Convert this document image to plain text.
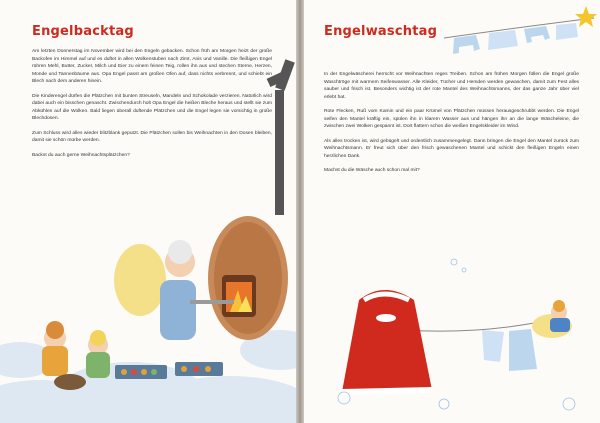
Engelbacktag

Am letzten Donnerstag im November wird bei den Engeln gebacken. Schon früh am Morgen heizt der große Backofen im Himmel auf und es duftet in allen Wolkenstuben nach Zimt, Anis und Vanille. Die fleißigen Engel rühren Mehl, Butter, Zucker, Milch und Eier zu einem feinen Teig, rollen ihn aus und stechen Sterne, Herzen, Monde und Tannenbäume aus. Opa Engel passt am großen Ofen auf, dass nichts verbrennt, und schiebt ein Blech nach dem anderen hinein.

Die Kinderengel dürfen die Plätzchen mit bunten Streuseln, Mandeln und Schokolade verzieren. Natürlich wird dabei auch ein bisschen genascht. Zwischendurch holt Opa Engel die heißen Bleche heraus und stellt sie zum Abkühlen auf die Wolken. Bald liegen überall duftende Plätzchen und die Engel legen sie vorsichtig in große Blechdosen.

Zum Schluss wird alles wieder blitzblank geputzt. Die Plätzchen sollen bis Weihnachten in den Dosen bleiben, damit sie schön mürbe werden.

Backst du auch gerne Weihnachtsplätzchen?

Engelwaschtag

In der Engelwäscherei herrscht vor Weihnachten reges Treiben. Schon am frühen Morgen füllen die Engel große Waschtröge mit warmem Seifenwasser. Alle Kleider, Tücher und Hemden werden gewaschen, damit zum Fest alles sauber und frisch ist. Besonders wichtig ist der rote Mantel des Weihnachtsmanns, der das ganze Jahr über viel erlebt hat.

Rote Flecken, Ruß vom Kamin und ein paar Krümel von Plätzchen müssen herausgeschrubbt werden. Die Engel seifen den Mantel kräftig ein, spülen ihn in klarem Wasser aus und hängen ihn an die lange Wäscheleine, die zwischen zwei Wolken gespannt ist. Dort flattern schon die weißen Engelskleider im Wind.

Als alles trocken ist, wird gebügelt und ordentlich zusammengelegt. Dann bringen die Engel den Mantel zurück zum Weihnachtsmann. Er freut sich über den frisch gewaschenen Mantel und schickt den fleißigen Engeln einen herzlichen Dank.

Machst du die Wäsche auch schon mal mit?
